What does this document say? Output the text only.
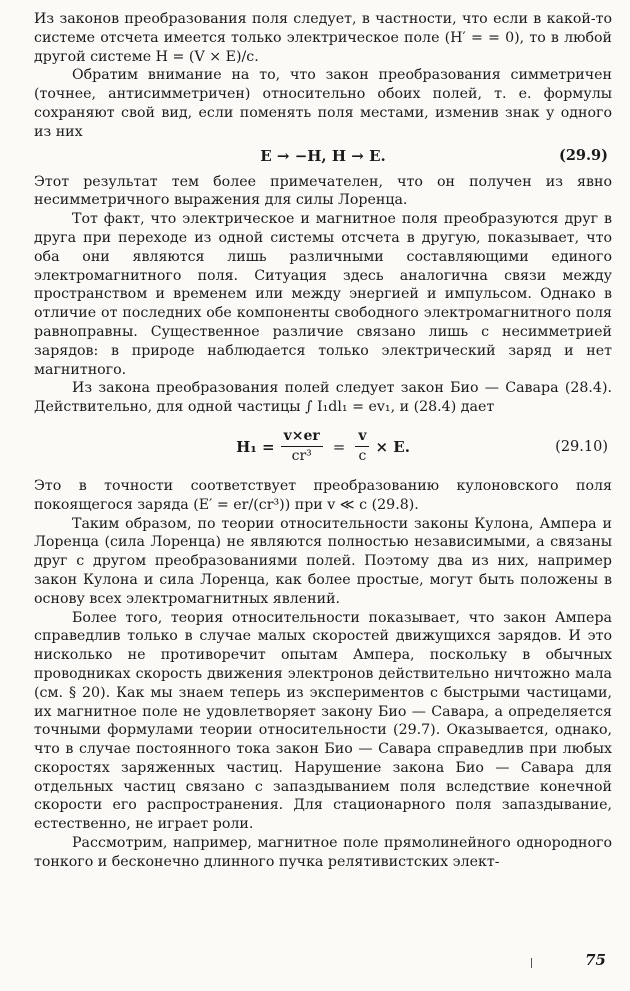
Из законов преобразования поля следует, в частности, что если в какой-то системе отсчета имеется только электрическое поле (H′ = = 0), то в любой другой системе H = (V × E)/c.

Обратим внимание на то, что закон преобразования симметричен (точнее, антисимметричен) относительно обоих полей, т. е. формулы сохраняют свой вид, если поменять поля местами, изменив знак у одного из них

E → −H, H → E.	(29.9)

Этот результат тем более примечателен, что он получен из явно несимметричного выражения для силы Лоренца.

Тот факт, что электрическое и магнитное поля преобразуются друг в друга при переходе из одной системы отсчета в другую, показывает, что оба они являются лишь различными составляющими единого электромагнитного поля. Ситуация здесь аналогична связи между пространством и временем или между энергией и импульсом. Однако в отличие от последних обе компоненты свободного электромагнитного поля равноправны. Существенное различие связано лишь с несимметрией зарядов: в природе наблюдается только электрический заряд и нет магнитного.

Из закона преобразования полей следует закон Био — Савара (28.4). Действительно, для одной частицы ∫ I₁dl₁ = ev₁, и (28.4) дает

$H_1 = \frac{v\times er}{\text{cr³}} = \frac{v}{c} \times E$.	(29.10)

Это в точности соответствует преобразованию кулоновского поля покоящегося заряда (E′ = er/(cr³)) при v ≪ c (29.8).

Таким образом, по теории относительности законы Кулона, Ампера и Лоренца (сила Лоренца) не являются полностью независимыми, а связаны друг с другом преобразованиями полей. Поэтому два из них, например закон Кулона и сила Лоренца, как более простые, могут быть положены в основу всех электромагнитных явлений.

Более того, теория относительности показывает, что закон Ампера справедлив только в случае малых скоростей движущихся зарядов. И это нисколько не противоречит опытам Ампера, поскольку в обычных проводниках скорость движения электронов действительно ничтожно мала (см. § 20). Как мы знаем теперь из экспериментов с быстрыми частицами, их магнитное поле не удовлетворяет закону Био — Савара, а определяется точными формулами теории относительности (29.7). Оказывается, однако, что в случае постоянного тока закон Био — Савара справедлив при любых скоростях заряженных частиц. Нарушение закона Био — Савара для отдельных частиц связано с запаздыванием поля вследствие конечной скорости его распространения. Для стационарного поля запаздывание, естественно, не играет роли.

Рассмотрим, например, магнитное поле прямолинейного однородного тонкого и бесконечно длинного пучка релятивистских элект-

75
